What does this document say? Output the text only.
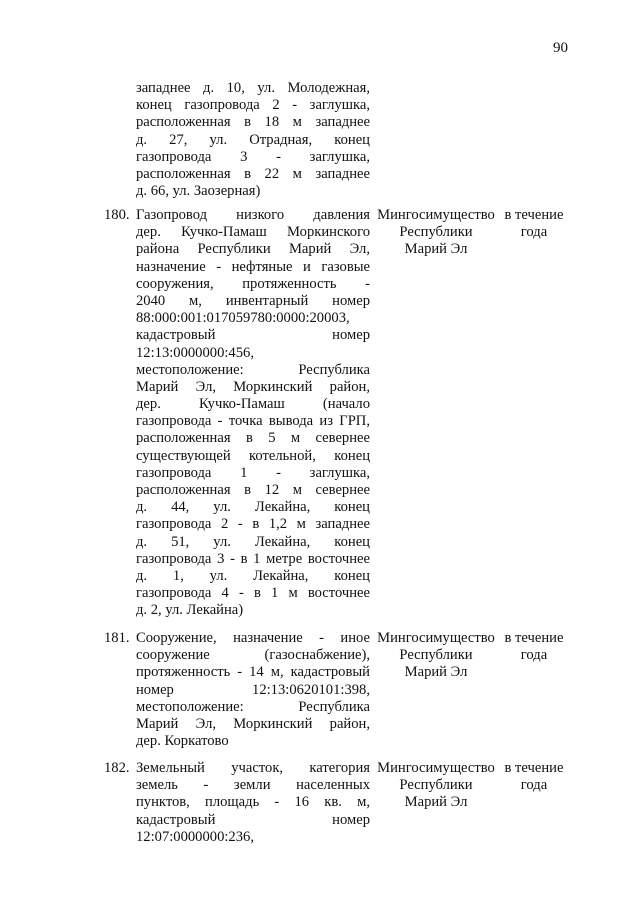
90
западнее д. 10, ул. Молодежная,
конец газопровода 2 - заглушка,
расположенная в 18 м западнее
д. 27, ул. Отрадная, конец
газопровода 3 - заглушка,
расположенная в 22 м западнее
д. 66, ул. Заозерная)
180. Газопровод низкого давления
дер. Кучко-Памаш Моркинского
района Республики Марий Эл,
назначение - нефтяные и газовые
сооружения, протяженность -
2040 м, инвентарный номер
88:000:001:017059780:0000:20003,
кадастровый номер
12:13:0000000:456,
местоположение: Республика
Марий Эл, Моркинский район,
дер. Кучко-Памаш (начало
газопровода - точка вывода из ГРП,
расположенная в 5 м севернее
существующей котельной, конец
газопровода 1 - заглушка,
расположенная в 12 м севернее
д. 44, ул. Лекайна, конец
газопровода 2 - в 1,2 м западнее
д. 51, ул. Лекайна, конец
газопровода 3 - в 1 метре восточнее
д. 1, ул. Лекайна, конец
газопровода 4 - в 1 м восточнее
д. 2, ул. Лекайна)
Мингосимущество
Республики
Марий Эл
в течение
года
181. Сооружение, назначение - иное
сооружение (газоснабжение),
протяженность - 14 м, кадастровый
номер 12:13:0620101:398,
местоположение: Республика
Марий Эл, Моркинский район,
дер. Коркатово
Мингосимущество
Республики
Марий Эл
в течение
года
182. Земельный участок, категория
земель - земли населенных
пунктов, площадь - 16 кв. м,
кадастровый номер
12:07:0000000:236,
Мингосимущество
Республики
Марий Эл
в течение
года
